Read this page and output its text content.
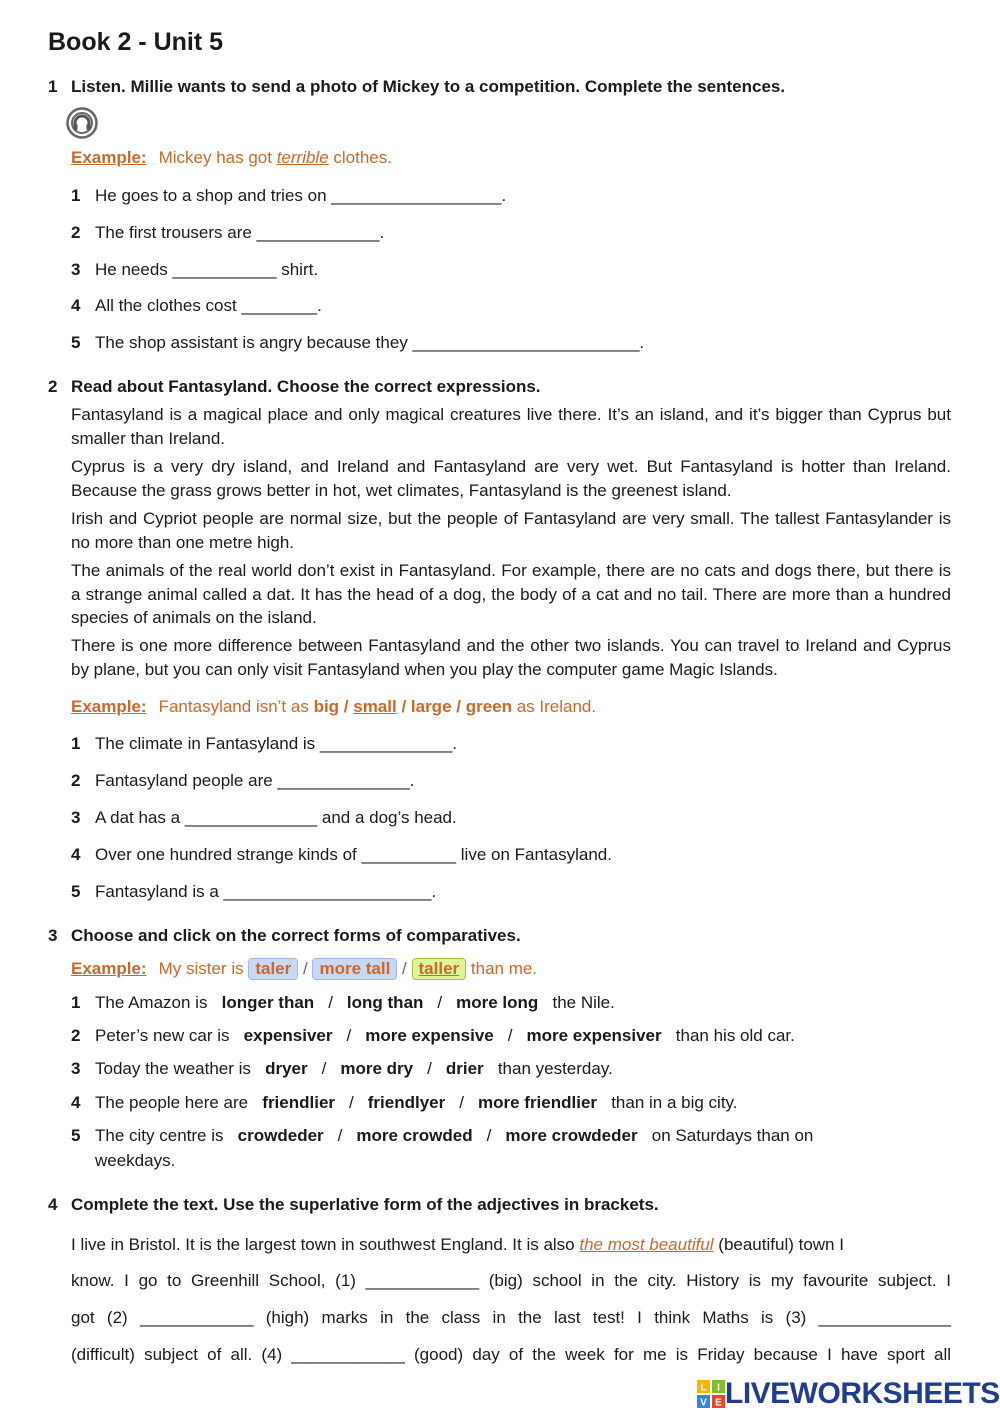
Book 2 - Unit 5
1 Listen. Millie wants to send a photo of Mickey to a competition. Complete the sentences.
Example: Mickey has got terrible clothes.
1 He goes to a shop and tries on __________________.
2 The first trousers are _____________.
3 He needs ___________ shirt.
4 All the clothes cost ________.
5 The shop assistant is angry because they ________________________.
2 Read about Fantasyland. Choose the correct expressions.
Fantasyland is a magical place and only magical creatures live there. It’s an island, and it’s bigger than Cyprus but smaller than Ireland.
Cyprus is a very dry island, and Ireland and Fantasyland are very wet. But Fantasyland is hotter than Ireland. Because the grass grows better in hot, wet climates, Fantasyland is the greenest island.
Irish and Cypriot people are normal size, but the people of Fantasyland are very small. The tallest Fantasylander is no more than one metre high.
The animals of the real world don’t exist in Fantasyland. For example, there are no cats and dogs there, but there is a strange animal called a dat. It has the head of a dog, the body of a cat and no tail. There are more than a hundred species of animals on the island.
There is one more difference between Fantasyland and the other two islands. You can travel to Ireland and Cyprus by plane, but you can only visit Fantasyland when you play the computer game Magic Islands.
Example: Fantasyland isn’t as big / small / large / green as Ireland.
1 The climate in Fantasyland is ______________.
2 Fantasyland people are ______________.
3 A dat has a ______________ and a dog’s head.
4 Over one hundred strange kinds of __________ live on Fantasyland.
5 Fantasyland is a ______________________.
3 Choose and click on the correct forms of comparatives.
Example: My sister is taler / more tall / taller than me.
1 The Amazon is longer than / long than / more long the Nile.
2 Peter’s new car is expensiver / more expensive / more expensiver than his old car.
3 Today the weather is dryer / more dry / drier than yesterday.
4 The people here are friendlier / friendlyer / more friendlier than in a big city.
5 The city centre is crowdeder / more crowded / more crowdeder on Saturdays than on
weekdays.
4 Complete the text. Use the superlative form of the adjectives in brackets.
I live in Bristol. It is the largest town in southwest England. It is also the most beautiful (beautiful) town I
know. I go to Greenhill School, (1) ____________ (big) school in the city. History is my favourite subject. I
got (2) ____________ (high) marks in the class in the last test! I think Maths is (3) ______________
(difficult) subject of all. (4) ____________ (good) day of the week for me is Friday because I have sport all
L I
V E LIVEWORKSHEETS
